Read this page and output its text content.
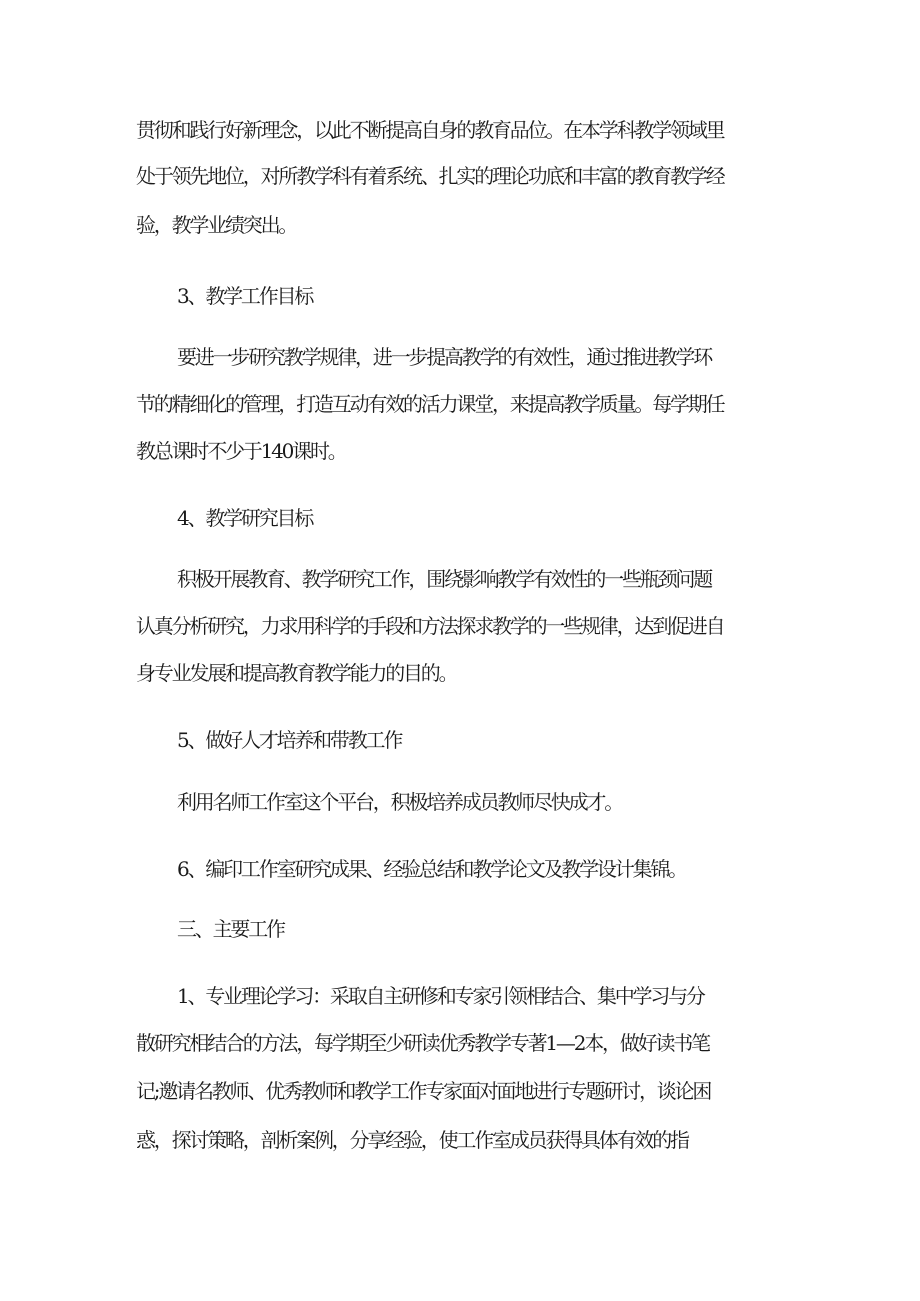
贯彻和践行好新理念，以此不断提高自身的教育品位。在本学科教学领域里
处于领先地位，对所教学科有着系统、扎实的理论功底和丰富的教育教学经
验，教学业绩突出。
3、教学工作目标
要进一步研究教学规律，进一步提高教学的有效性，通过推进教学环
节的精细化的管理，打造互动有效的活力课堂，来提高教学质量。每学期任
教总课时不少于140课时。
4、教学研究目标
积极开展教育、教学研究工作，围绕影响教学有效性的一些瓶颈问题
认真分析研究，力求用科学的手段和方法探求教学的一些规律，达到促进自
身专业发展和提高教育教学能力的目的。
5、做好人才培养和带教工作
利用名师工作室这个平台，积极培养成员教师尽快成才。
6、编印工作室研究成果、经验总结和教学论文及教学设计集锦。
三、主要工作
1、专业理论学习：采取自主研修和专家引领相结合、集中学习与分
散研究相结合的方法，每学期至少研读优秀教学专著1—2本，做好读书笔
记;邀请名教师、优秀教师和教学工作专家面对面地进行专题研讨，谈论困
惑，探讨策略，剖析案例，分享经验，使工作室成员获得具体有效的指
